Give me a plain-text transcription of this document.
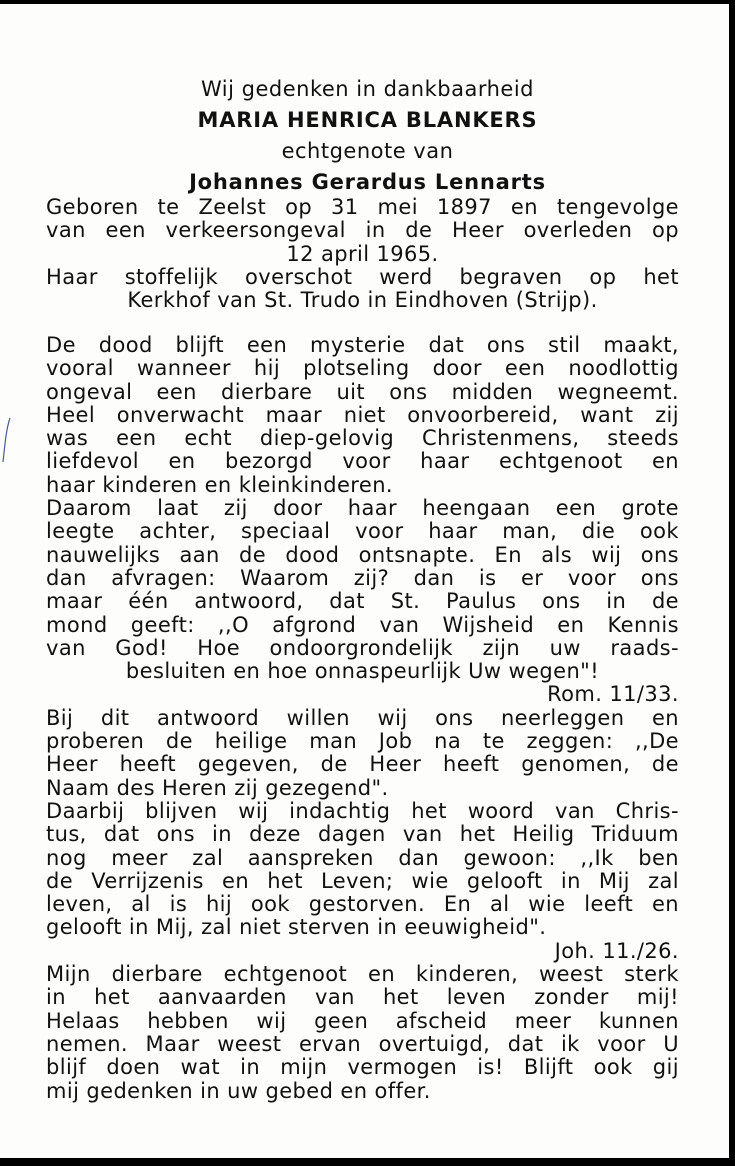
Wij gedenken in dankbaarheid
MARIA HENRICA BLANKERS
echtgenote van
Johannes Gerardus Lennarts
Geboren te Zeelst op 31 mei 1897 en tengevolge
van een verkeersongeval in de Heer overleden op
12 april 1965.
Haar stoffelijk overschot werd begraven op het
Kerkhof van St. Trudo in Eindhoven (Strijp).
De dood blijft een mysterie dat ons stil maakt,
vooral wanneer hij plotseling door een noodlottig
ongeval een dierbare uit ons midden wegneemt.
Heel onverwacht maar niet onvoorbereid, want zij
was een echt diep-gelovig Christenmens, steeds
liefdevol en bezorgd voor haar echtgenoot en
haar kinderen en kleinkinderen.
Daarom laat zij door haar heengaan een grote
leegte achter, speciaal voor haar man, die ook
nauwelijks aan de dood ontsnapte. En als wij ons
dan afvragen: Waarom zij? dan is er voor ons
maar één antwoord, dat St. Paulus ons in de
mond geeft: ,,O afgrond van Wijsheid en Kennis
van God! Hoe ondoorgrondelijk zijn uw raads-
besluiten en hoe onnaspeurlijk Uw wegen"!
Rom. 11/33.
Bij dit antwoord willen wij ons neerleggen en
proberen de heilige man Job na te zeggen: ,,De
Heer heeft gegeven, de Heer heeft genomen, de
Naam des Heren zij gezegend".
Daarbij blijven wij indachtig het woord van Chris-
tus, dat ons in deze dagen van het Heilig Triduum
nog meer zal aanspreken dan gewoon: ,,Ik ben
de Verrijzenis en het Leven; wie gelooft in Mij zal
leven, al is hij ook gestorven. En al wie leeft en
gelooft in Mij, zal niet sterven in eeuwigheid".
Joh. 11./26.
Mijn dierbare echtgenoot en kinderen, weest sterk
in het aanvaarden van het leven zonder mij!
Helaas hebben wij geen afscheid meer kunnen
nemen. Maar weest ervan overtuigd, dat ik voor U
blijf doen wat in mijn vermogen is! Blijft ook gij
mij gedenken in uw gebed en offer.
